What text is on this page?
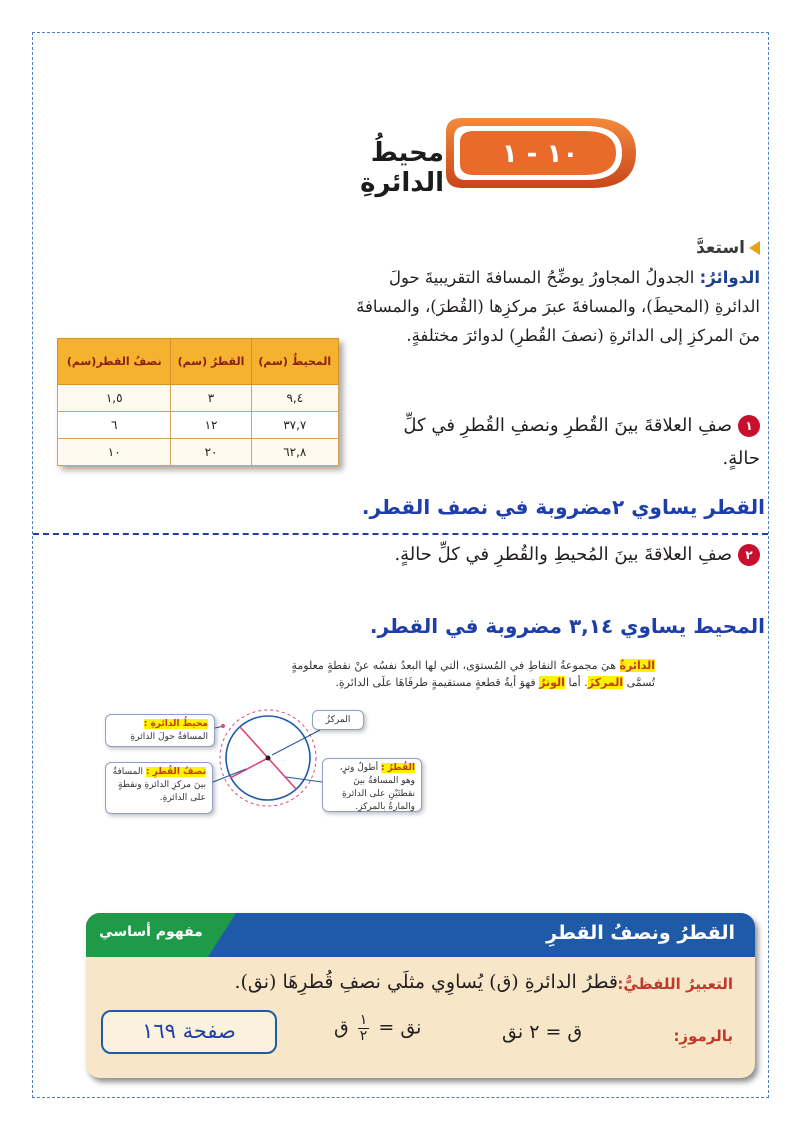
١٠ - ١
محيطُ الدائرةِ
استعدَّ
الدوائرُ: الجدولُ المجاورُ يوضِّحُ المسافةَ التقريبيةَ حولَ الدائرةِ (المحيطَ)، والمسافةَ عبرَ مركزِها (القُطرَ)، والمسافةَ منَ المركزِ إلى الدائرةِ (نصفَ القُطرِ) لدوائرَ مختلفةٍ.
المحيطُ (سم)	القطرُ (سم)	نصفُ القطر(سم)
٩,٤	٣	١,٥
٣٧,٧	١٢	٦
٦٢,٨	٢٠	١٠
١صفِ العلاقةَ بينَ القُطرِ ونصفِ القُطرِ في كلِّ حالةٍ.
القطر يساوي ٢مضروبة في نصف القطر.
٢صفِ العلاقةَ بينَ المُحيطِ والقُطرِ في كلِّ حالةٍ.
المحيط يساوي ٣,١٤ مضروبة في القطر.
الدائرةُ هيَ مجموعةُ النقاطِ في المُستوَى، التي لها البعدُ نفسُه عنْ نقطةٍ معلومةٍ
تُسمَّى المركزَ. أما الوترُ فهوَ أيةُ قطعةٍ مستقيمةٍ طرفَاهَا علَى الدائرةِ.
محيطُ الدائرةِ :
المسافةُ حولَ الدائرةِ
المركزُ
نصفُ القُطرِ : المسافةُ بينَ مركزِ الدائرةِ ونقطةٍ على الدائرةِ.
القُطرُ : أطولُ وترٍ، وهو المسافةُ بينَ نقطتَيْنِ على الدائرةِ والمارةُ بالمركزِ.
مفهوم أساسي	القطرُ ونصفُ القطرِ
التعبيرُ اللفظيُّ:
قطرُ الدائرةِ (ق) يُساوِي مثلَي نصفِ قُطرِهَا (نق).
بالرموزِ:
ق = ٢ نق
نق =
$\frac{١}{٢}$
ق
صفحة ١٦٩
